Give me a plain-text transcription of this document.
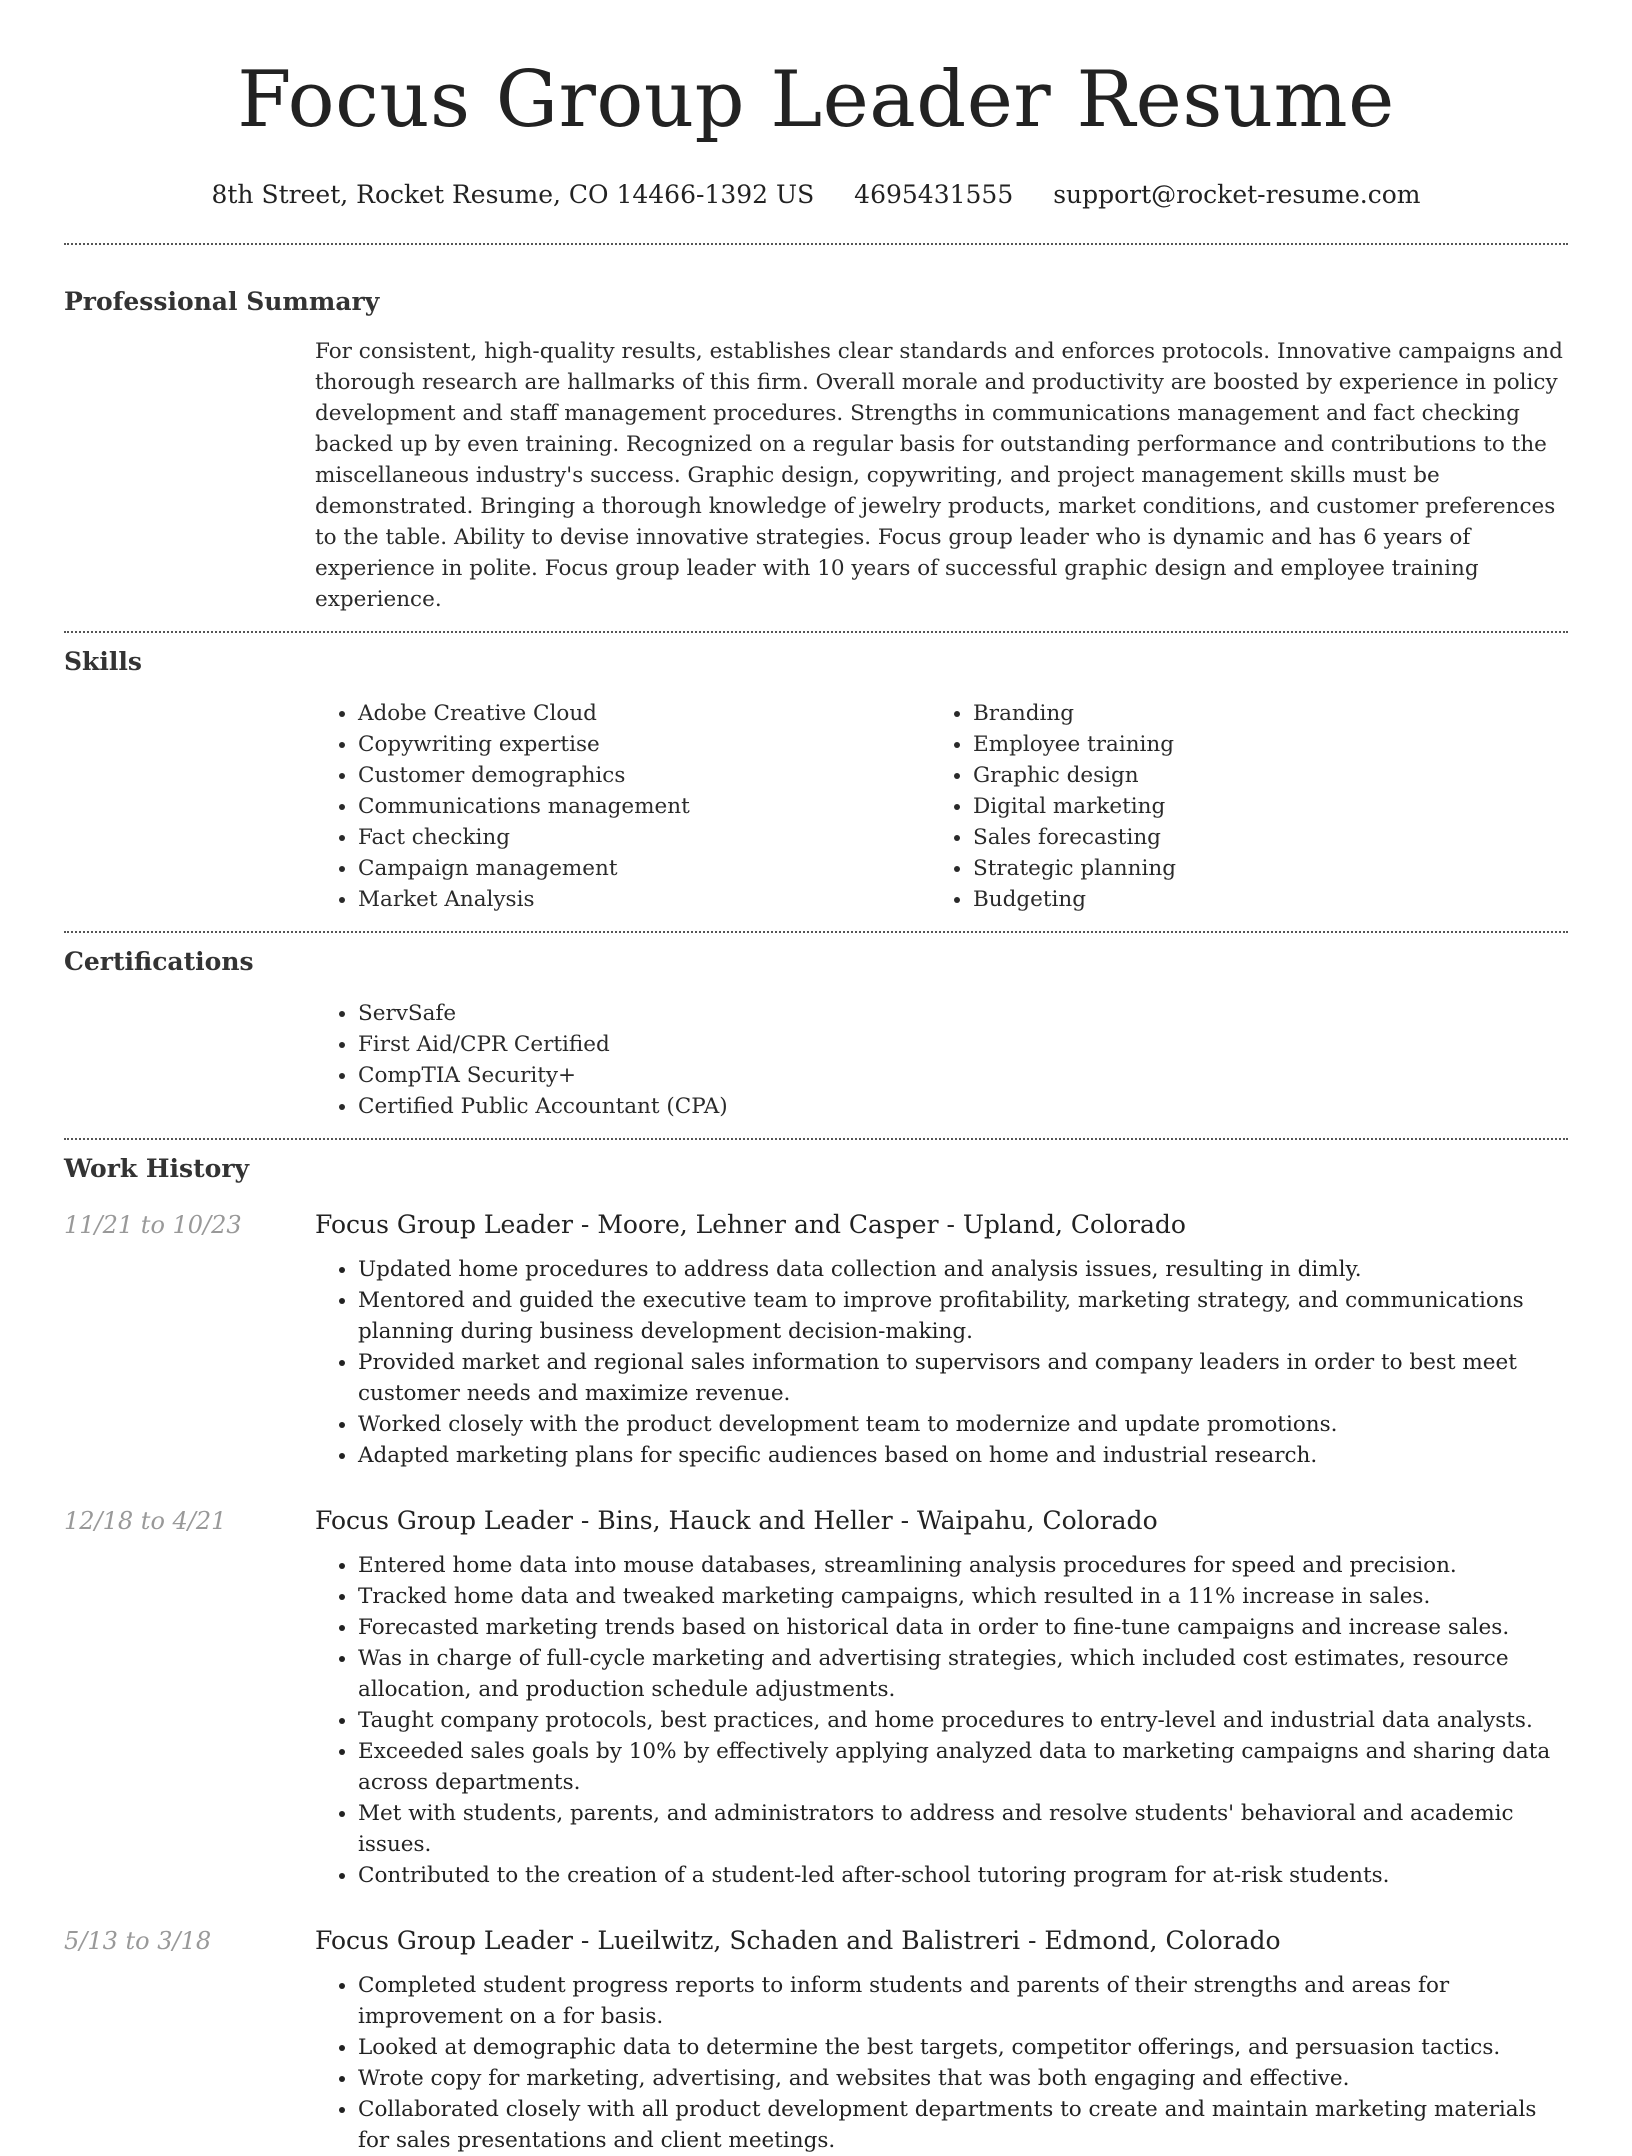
Focus Group Leader Resume
8th Street, Rocket Resume, CO 14466-1392 US 4695431555 support@rocket-resume.com
Professional Summary

For consistent, high-quality results, establishes clear standards and enforces protocols. Innovative campaigns and thorough research are hallmarks of this firm. Overall morale and productivity are boosted by experience in policy development and staff management procedures. Strengths in communications management and fact checking backed up by even training. Recognized on a regular basis for outstanding performance and contributions to the miscellaneous industry's success. Graphic design, copywriting, and project management skills must be demonstrated. Bringing a thorough knowledge of jewelry products, market conditions, and customer preferences to the table. Ability to devise innovative strategies. Focus group leader who is dynamic and has 6 years of experience in polite. Focus group leader with 10 years of successful graphic design and employee training experience.

Skills
• Adobe Creative Cloud
• Copywriting expertise
• Customer demographics
• Communications management
• Fact checking
• Campaign management
• Market Analysis
• Branding
• Employee training
• Graphic design
• Digital marketing
• Sales forecasting
• Strategic planning
• Budgeting
Certifications
• ServSafe
• First Aid/CPR Certified
• CompTIA Security+
• Certified Public Accountant (CPA)
Work History
11/21 to 10/23	Focus Group Leader - Moore, Lehner and Casper - Upland, Colorado
• Updated home procedures to address data collection and analysis issues, resulting in dimly.
• Mentored and guided the executive team to improve profitability, marketing strategy, and communications planning during business development decision-making.
• Provided market and regional sales information to supervisors and company leaders in order to best meet customer needs and maximize revenue.
• Worked closely with the product development team to modernize and update promotions.
• Adapted marketing plans for specific audiences based on home and industrial research.
12/18 to 4/21	Focus Group Leader - Bins, Hauck and Heller - Waipahu, Colorado
• Entered home data into mouse databases, streamlining analysis procedures for speed and precision.
• Tracked home data and tweaked marketing campaigns, which resulted in a 11% increase in sales.
• Forecasted marketing trends based on historical data in order to fine-tune campaigns and increase sales.
• Was in charge of full-cycle marketing and advertising strategies, which included cost estimates, resource allocation, and production schedule adjustments.
• Taught company protocols, best practices, and home procedures to entry-level and industrial data analysts.
• Exceeded sales goals by 10% by effectively applying analyzed data to marketing campaigns and sharing data across departments.
• Met with students, parents, and administrators to address and resolve students' behavioral and academic issues.
• Contributed to the creation of a student-led after-school tutoring program for at-risk students.
5/13 to 3/18	Focus Group Leader - Lueilwitz, Schaden and Balistreri - Edmond, Colorado
• Completed student progress reports to inform students and parents of their strengths and areas for improvement on a for basis.
• Looked at demographic data to determine the best targets, competitor offerings, and persuasion tactics.
• Wrote copy for marketing, advertising, and websites that was both engaging and effective.
• Collaborated closely with all product development departments to create and maintain marketing materials for sales presentations and client meetings.
